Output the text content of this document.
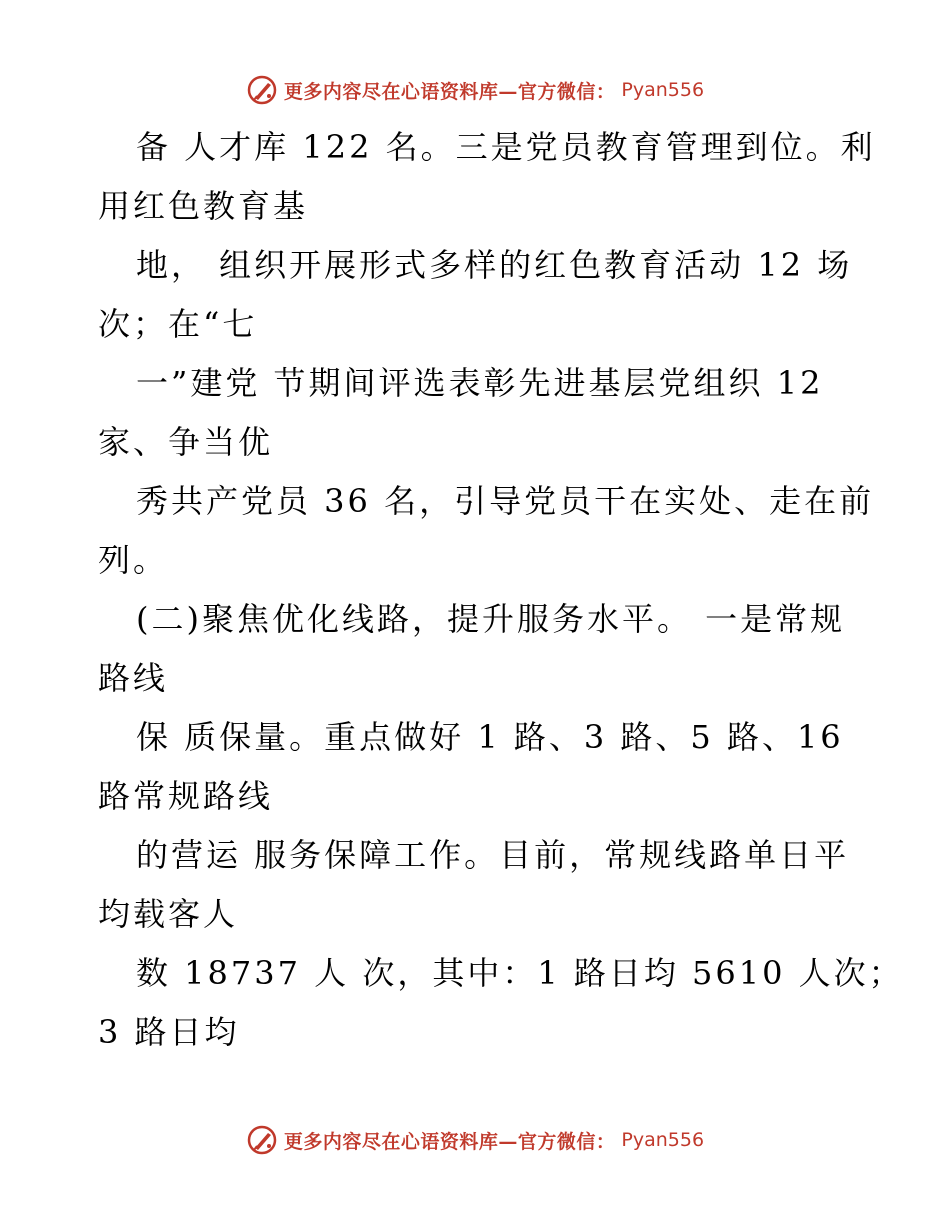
更多内容尽在心语资料库—官方微信： Pyan556
备 人才库 122 名。三是党员教育管理到位。利
用红色教育基
地， 组织开展形式多样的红色教育活动 12 场
次；在“七
一”建党 节期间评选表彰先进基层党组织 12
家、争当优
秀共产党员 36 名，引导党员干在实处、走在前
列。
(二)聚焦优化线路，提升服务水平。 一是常规
路线
保 质保量。重点做好 1 路、3 路、5 路、16
路常规路线
的营运 服务保障工作。目前，常规线路单日平
均载客人
数 18737 人 次，其中：1 路日均 5610 人次；
3 路日均
更多内容尽在心语资料库—官方微信： Pyan556
